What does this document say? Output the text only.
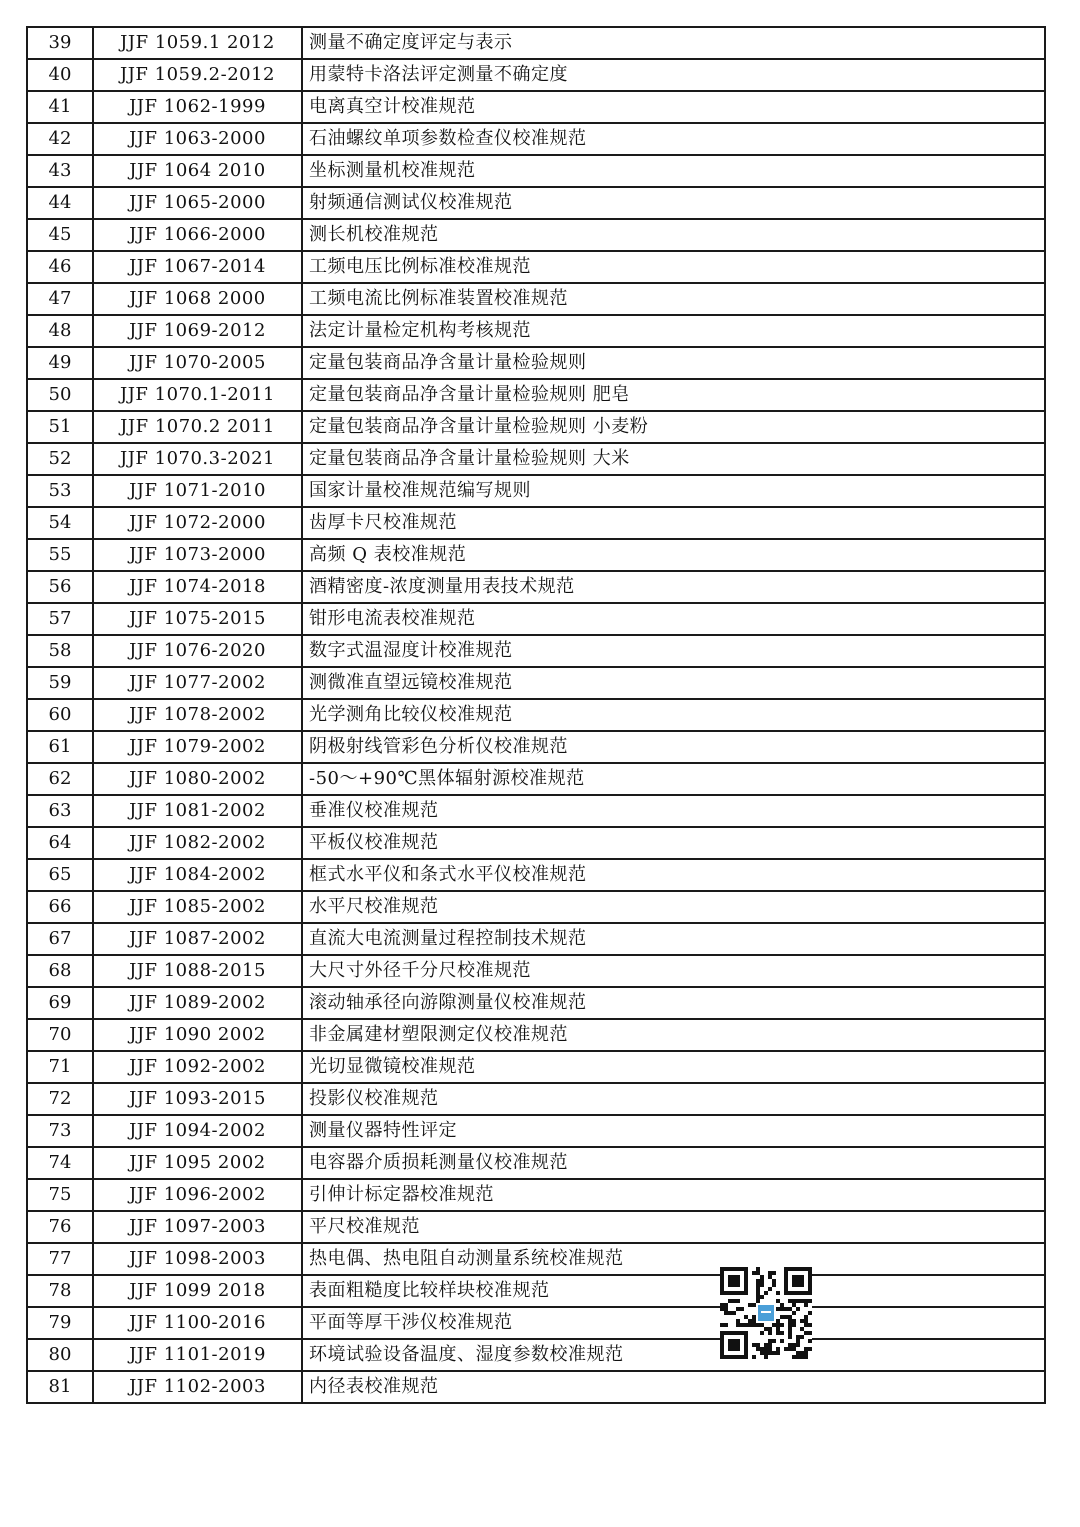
39	JJF 1059.1 2012	测量不确定度评定与表示
40	JJF 1059.2-2012	用蒙特卡洛法评定测量不确定度
41	JJF 1062-1999	电离真空计校准规范
42	JJF 1063-2000	石油螺纹单项参数检查仪校准规范
43	JJF 1064 2010	坐标测量机校准规范
44	JJF 1065-2000	射频通信测试仪校准规范
45	JJF 1066-2000	测长机校准规范
46	JJF 1067-2014	工频电压比例标准校准规范
47	JJF 1068 2000	工频电流比例标准装置校准规范
48	JJF 1069-2012	法定计量检定机构考核规范
49	JJF 1070-2005	定量包装商品净含量计量检验规则
50	JJF 1070.1-2011	定量包装商品净含量计量检验规则 肥皂
51	JJF 1070.2 2011	定量包装商品净含量计量检验规则 小麦粉
52	JJF 1070.3-2021	定量包装商品净含量计量检验规则 大米
53	JJF 1071-2010	国家计量校准规范编写规则
54	JJF 1072-2000	齿厚卡尺校准规范
55	JJF 1073-2000	高频 Q 表校准规范
56	JJF 1074-2018	酒精密度-浓度测量用表技术规范
57	JJF 1075-2015	钳形电流表校准规范
58	JJF 1076-2020	数字式温湿度计校准规范
59	JJF 1077-2002	测微准直望远镜校准规范
60	JJF 1078-2002	光学测角比较仪校准规范
61	JJF 1079-2002	阴极射线管彩色分析仪校准规范
62	JJF 1080-2002	-50～+90℃黑体辐射源校准规范
63	JJF 1081-2002	垂准仪校准规范
64	JJF 1082-2002	平板仪校准规范
65	JJF 1084-2002	框式水平仪和条式水平仪校准规范
66	JJF 1085-2002	水平尺校准规范
67	JJF 1087-2002	直流大电流测量过程控制技术规范
68	JJF 1088-2015	大尺寸外径千分尺校准规范
69	JJF 1089-2002	滚动轴承径向游隙测量仪校准规范
70	JJF 1090 2002	非金属建材塑限测定仪校准规范
71	JJF 1092-2002	光切显微镜校准规范
72	JJF 1093-2015	投影仪校准规范
73	JJF 1094-2002	测量仪器特性评定
74	JJF 1095 2002	电容器介质损耗测量仪校准规范
75	JJF 1096-2002	引伸计标定器校准规范
76	JJF 1097-2003	平尺校准规范
77	JJF 1098-2003	热电偶、热电阻自动测量系统校准规范
78	JJF 1099 2018	表面粗糙度比较样块校准规范
79	JJF 1100-2016	平面等厚干涉仪校准规范
80	JJF 1101-2019	环境试验设备温度、湿度参数校准规范
81	JJF 1102-2003	内径表校准规范
